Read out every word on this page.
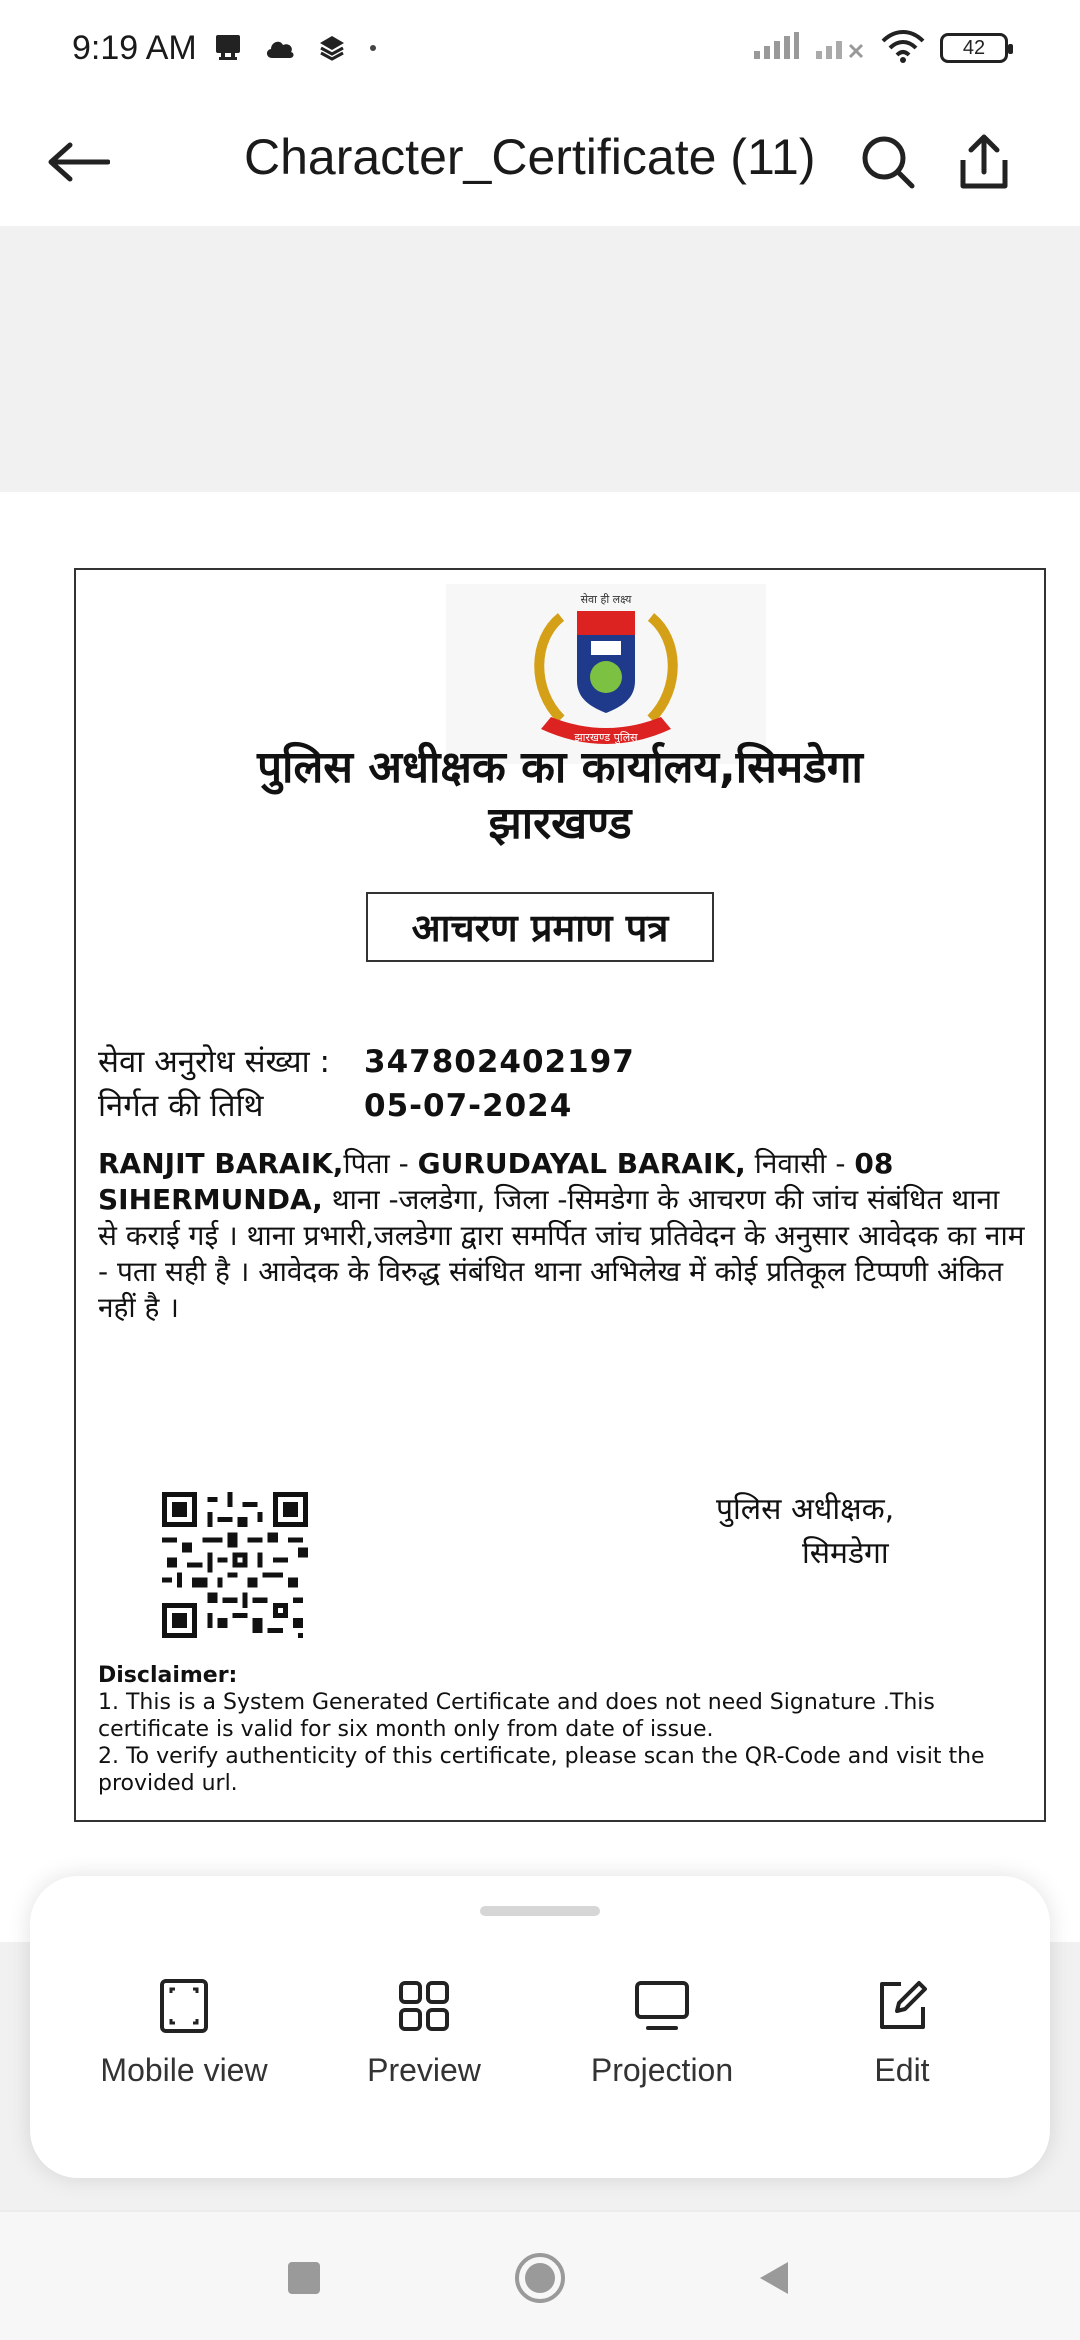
9:19 AM	42
Character_Certificate (11)
सेवा ही लक्ष्य
झारखण्ड पुलिस
पुलिस अधीक्षक का कार्यालय,सिमडेगा
झारखण्ड
आचरण प्रमाण पत्र
सेवा अनुरोध संख्या :	347802402197
निर्गत की तिथि	05-07-2024
RANJIT BARAIK,पिता - GURUDAYAL BARAIK, निवासी - 08 SIHERMUNDA, थाना -जलडेगा, जिला -सिमडेगा के आचरण की जांच संबंधित थाना से कराई गई । थाना प्रभारी,जलडेगा द्वारा समर्पित जांच प्रतिवेदन के अनुसार आवेदक का नाम - पता सही है । आवेदक के विरुद्ध संबंधित थाना अभिलेख में कोई प्रतिकूल टिप्पणी अंकित नहीं है ।
पुलिस अधीक्षक,
सिमडेगा
Disclaimer:
1. This is a System Generated Certificate and does not need Signature .This certificate is valid for six month only from date of issue.
2. To verify authenticity of this certificate, please scan the QR-Code and visit the provided url.
Mobile view	Preview	Projection	Edit
